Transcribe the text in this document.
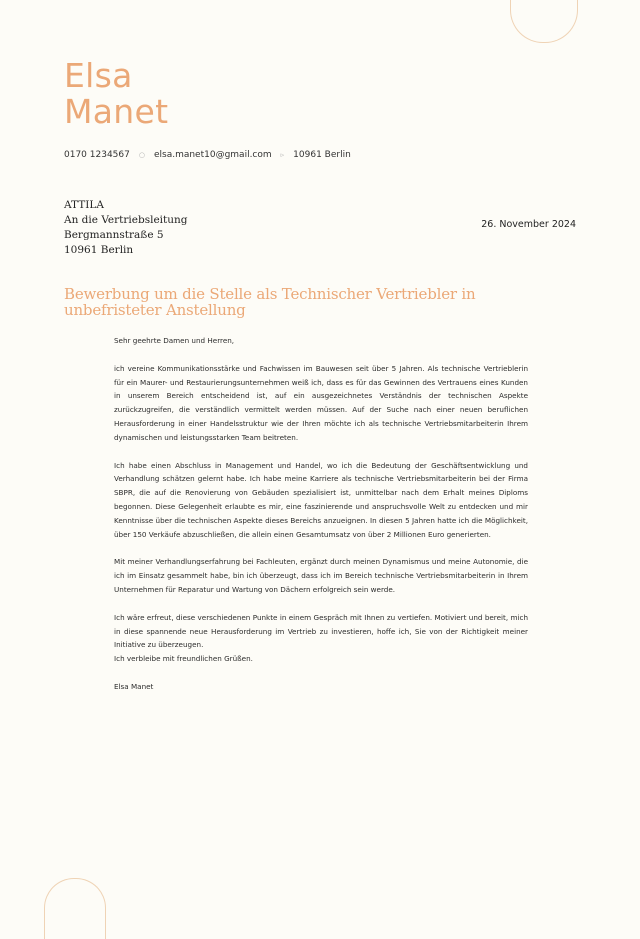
Elsa
Manet
0170 1234567 ○ elsa.manet10@gmail.com ▹ 10961 Berlin
ATTILA
An die Vertriebsleitung
Bergmannstraße 5
10961 Berlin
26. November 2024
Bewerbung um die Stelle als Technischer Vertriebler in unbefristeter Anstellung

Sehr geehrte Damen und Herren,

ich vereine Kommunikationsstärke und Fachwissen im Bauwesen seit über 5 Jahren. Als technische Vertrieblerin für ein Maurer- und Restaurierungsunternehmen weiß ich, dass es für das Gewinnen des Vertrauens eines Kunden in unserem Bereich entscheidend ist, auf ein ausgezeichnetes Verständnis der technischen Aspekte zurückzugreifen, die verständlich vermittelt werden müssen. Auf der Suche nach einer neuen beruflichen Herausforderung in einer Handelsstruktur wie der Ihren möchte ich als technische Vertriebsmitarbeiterin Ihrem dynamischen und leistungsstarken Team beitreten.

Ich habe einen Abschluss in Management und Handel, wo ich die Bedeutung der Geschäftsentwicklung und Verhandlung schätzen gelernt habe. Ich habe meine Karriere als technische Vertriebsmitarbeiterin bei der Firma SBPR, die auf die Renovierung von Gebäuden spezialisiert ist, unmittelbar nach dem Erhalt meines Diploms begonnen. Diese Gelegenheit erlaubte es mir, eine faszinierende und anspruchsvolle Welt zu entdecken und mir Kenntnisse über die technischen Aspekte dieses Bereichs anzueignen. In diesen 5 Jahren hatte ich die Möglichkeit, über 150 Verkäufe abzuschließen, die allein einen Gesamtumsatz von über 2 Millionen Euro generierten.

Mit meiner Verhandlungserfahrung bei Fachleuten, ergänzt durch meinen Dynamismus und meine Autonomie, die ich im Einsatz gesammelt habe, bin ich überzeugt, dass ich im Bereich technische Vertriebsmitarbeiterin in Ihrem Unternehmen für Reparatur und Wartung von Dächern erfolgreich sein werde.

Ich wäre erfreut, diese verschiedenen Punkte in einem Gespräch mit Ihnen zu vertiefen. Motiviert und bereit, mich in diese spannende neue Herausforderung im Vertrieb zu investieren, hoffe ich, Sie von der Richtigkeit meiner Initiative zu überzeugen.

Ich verbleibe mit freundlichen Grüßen.

Elsa Manet
